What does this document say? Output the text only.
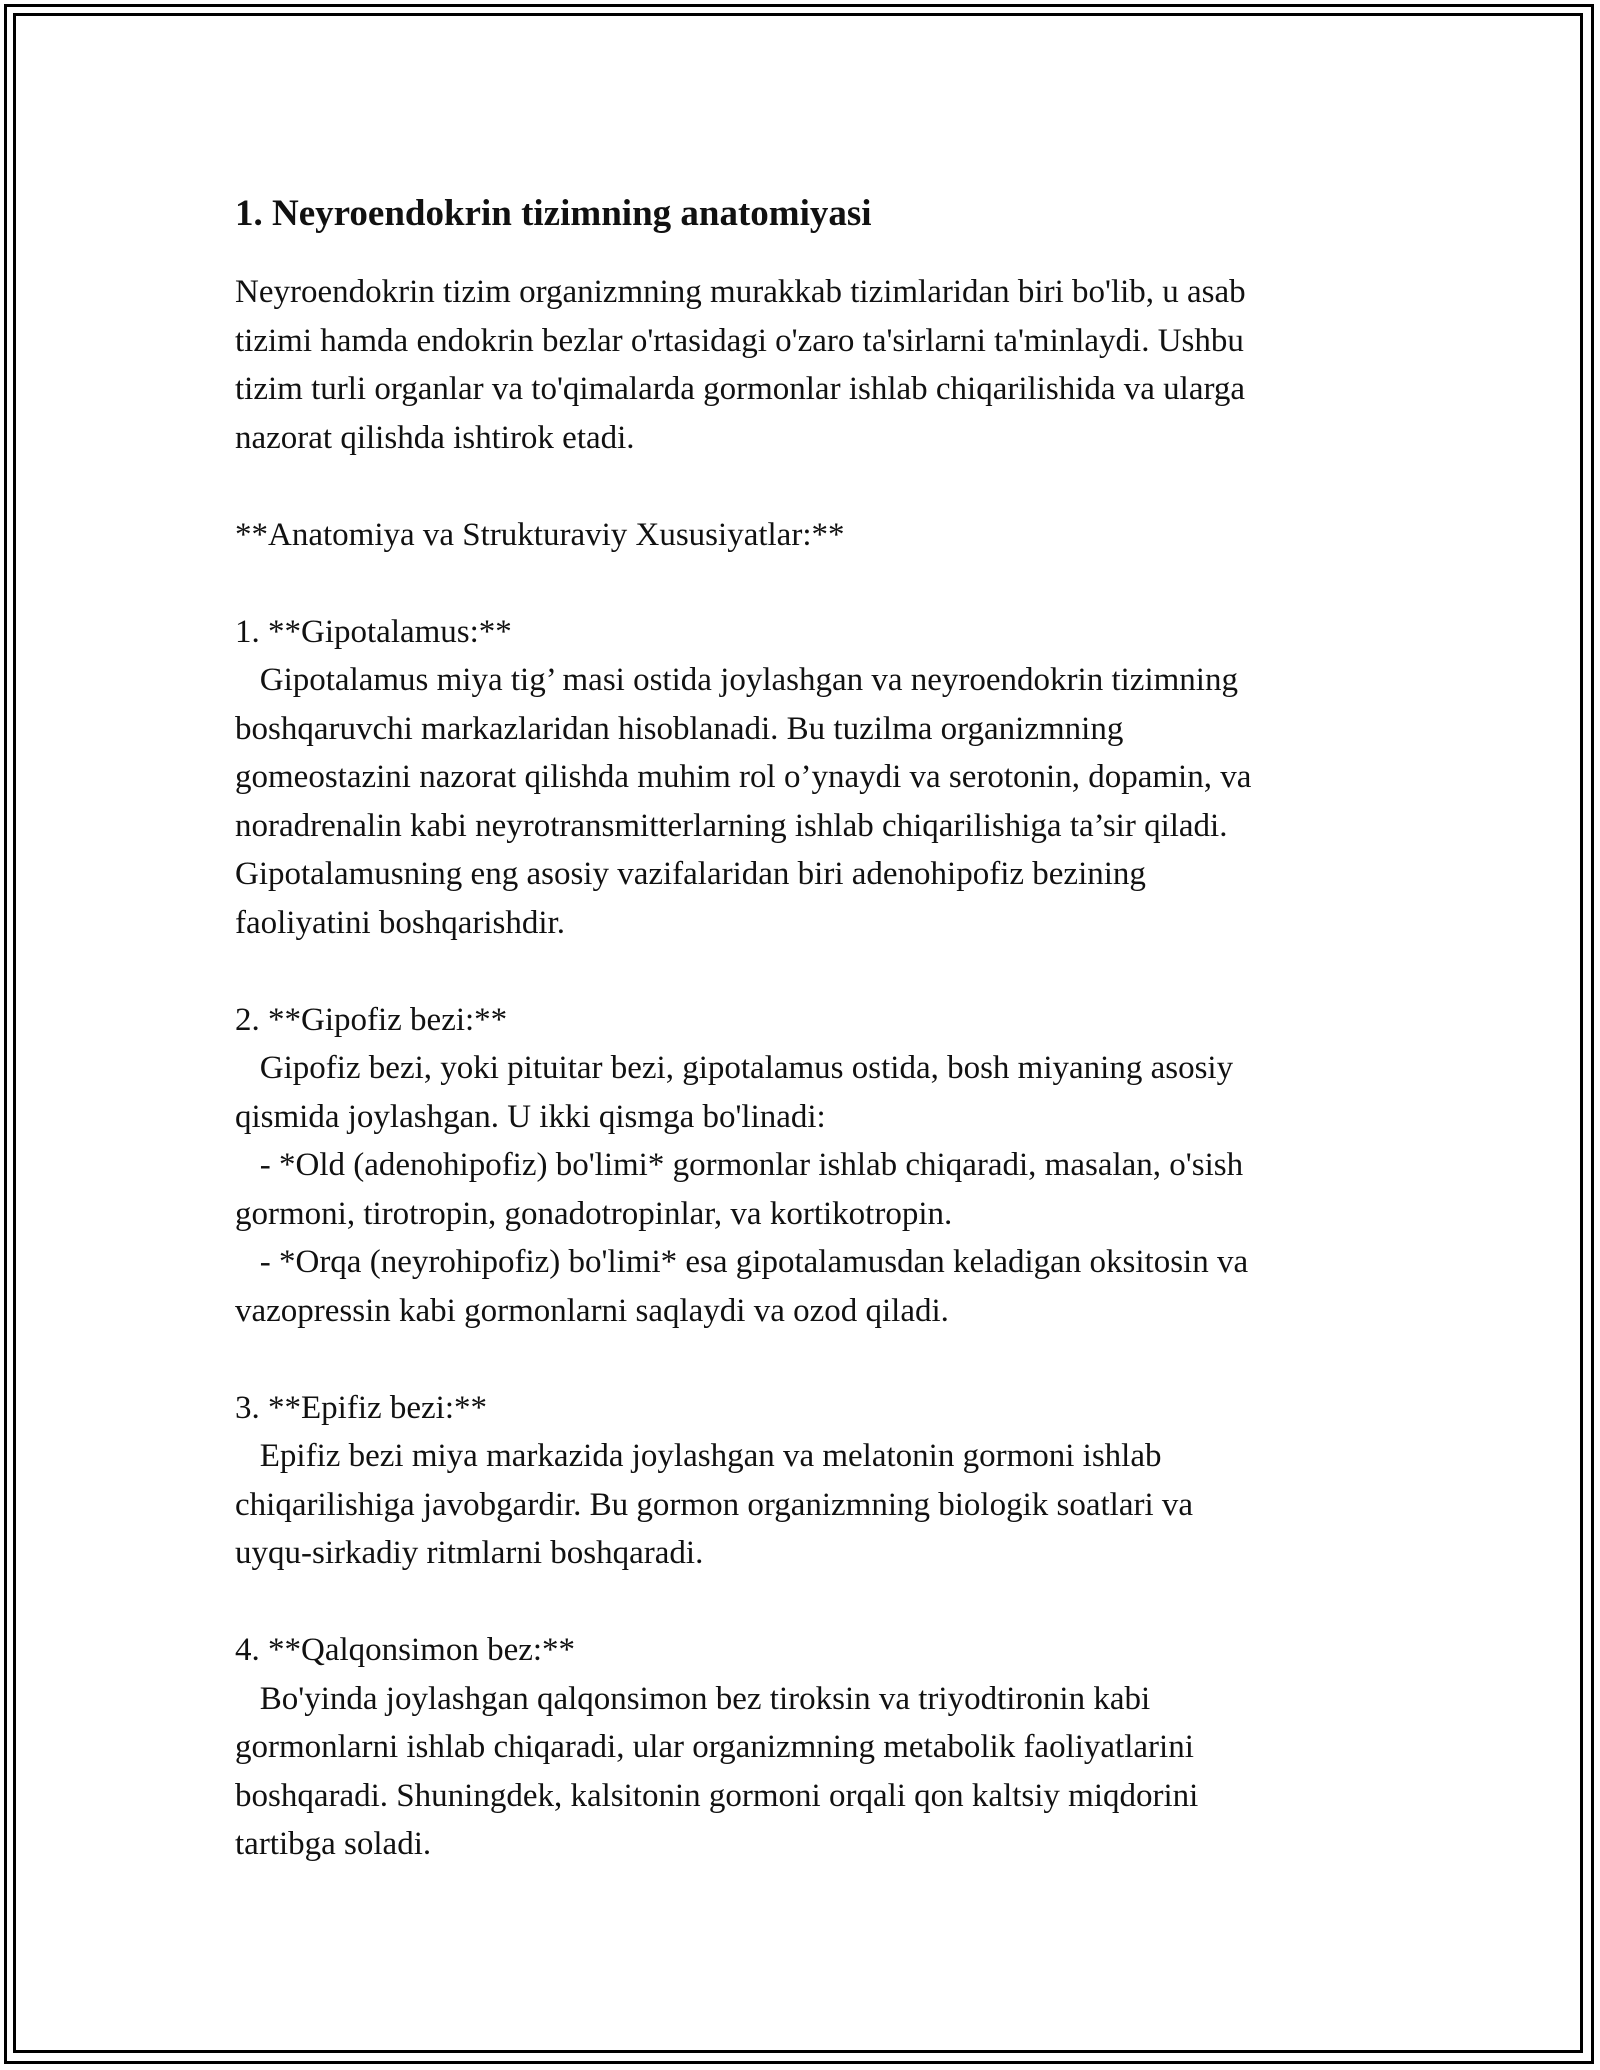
1. Neyroendokrin tizimning anatomiyasi
Neyroendokrin tizim organizmning murakkab tizimlaridan biri bo'lib, u asab
tizimi hamda endokrin bezlar o'rtasidagi o'zaro ta'sirlarni ta'minlaydi. Ushbu
tizim turli organlar va to'qimalarda gormonlar ishlab chiqarilishida va ularga
nazorat qilishda ishtirok etadi.
**Anatomiya va Strukturaviy Xususiyatlar:**
1. **Gipotalamus:**
Gipotalamus miya tig’ masi ostida joylashgan va neyroendokrin tizimning
boshqaruvchi markazlaridan hisoblanadi. Bu tuzilma organizmning
gomeostazini nazorat qilishda muhim rol o’ynaydi va serotonin, dopamin, va
noradrenalin kabi neyrotransmitterlarning ishlab chiqarilishiga ta’sir qiladi.
Gipotalamusning eng asosiy vazifalaridan biri adenohipofiz bezining
faoliyatini boshqarishdir.
2. **Gipofiz bezi:**
Gipofiz bezi, yoki pituitar bezi, gipotalamus ostida, bosh miyaning asosiy
qismida joylashgan. U ikki qismga bo'linadi:
- *Old (adenohipofiz) bo'limi* gormonlar ishlab chiqaradi, masalan, o'sish
gormoni, tirotropin, gonadotropinlar, va kortikotropin.
- *Orqa (neyrohipofiz) bo'limi* esa gipotalamusdan keladigan oksitosin va
vazopressin kabi gormonlarni saqlaydi va ozod qiladi.
3. **Epifiz bezi:**
Epifiz bezi miya markazida joylashgan va melatonin gormoni ishlab
chiqarilishiga javobgardir. Bu gormon organizmning biologik soatlari va
uyqu-sirkadiy ritmlarni boshqaradi.
4. **Qalqonsimon bez:**
Bo'yinda joylashgan qalqonsimon bez tiroksin va triyodtironin kabi
gormonlarni ishlab chiqaradi, ular organizmning metabolik faoliyatlarini
boshqaradi. Shuningdek, kalsitonin gormoni orqali qon kaltsiy miqdorini
tartibga soladi.
